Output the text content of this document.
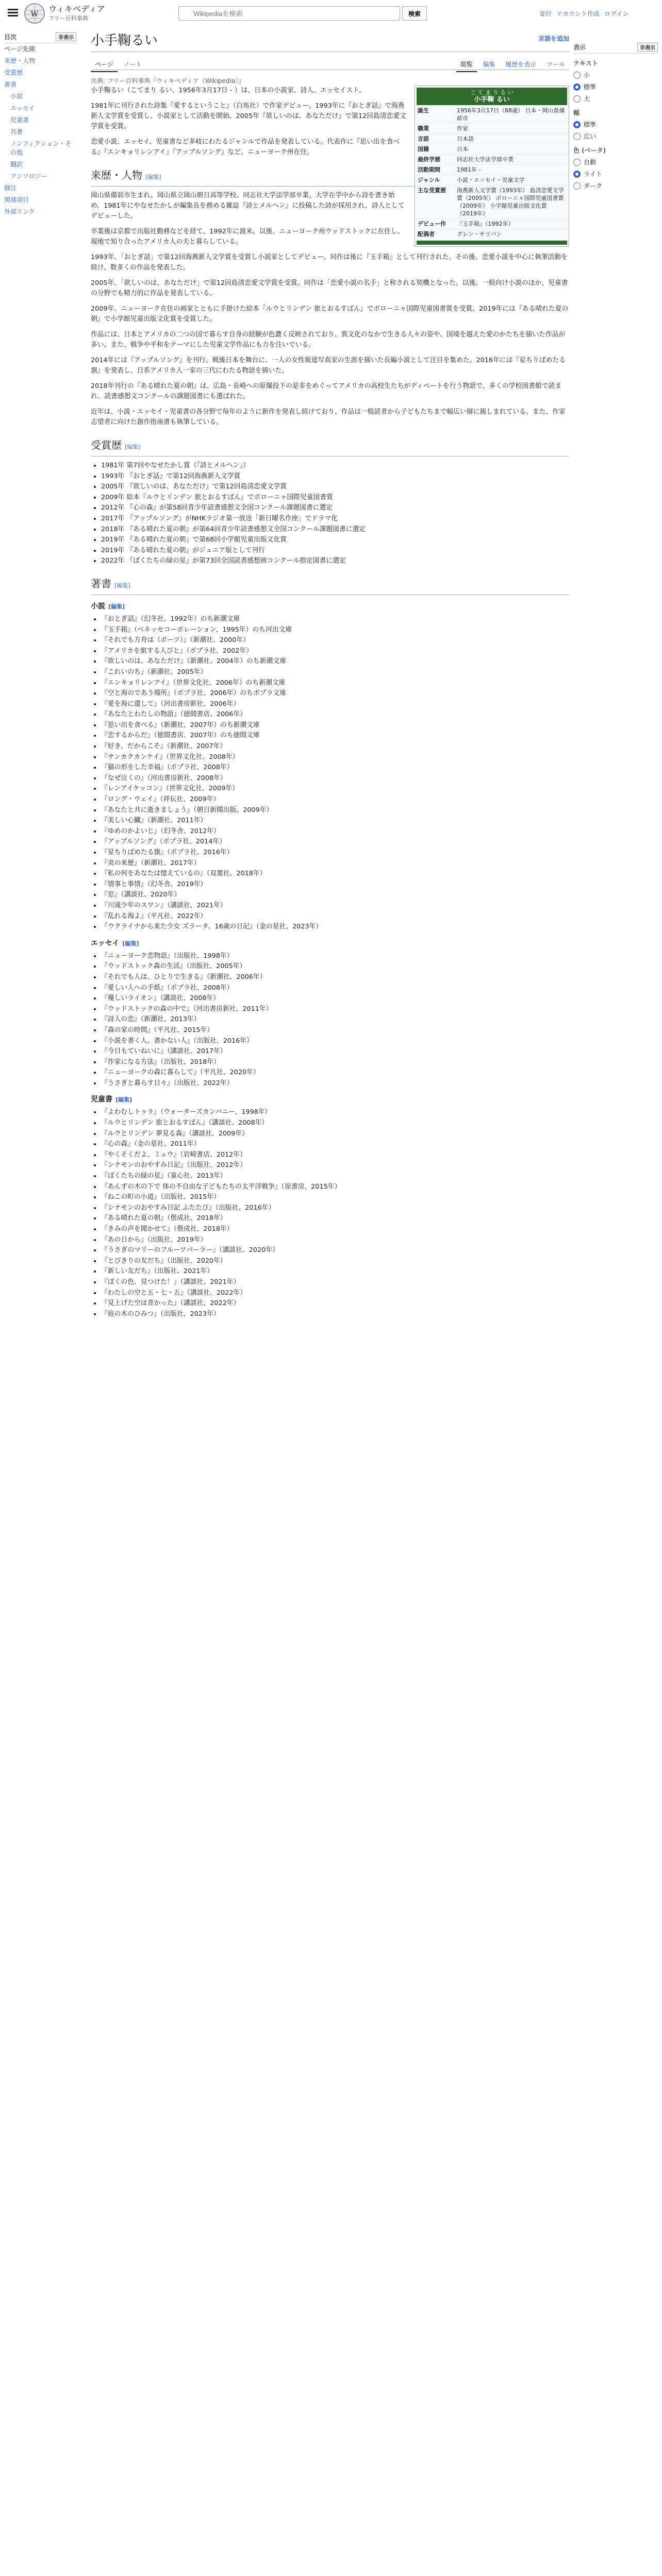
W
ウィキペディア
フリー百科事典
Wikipediaを検索
検索	寄付 アカウント作成 ログイン
目次	非表示
ページ先頭
来歴・人物
受賞歴
著書
小説
エッセイ
児童書
共著
ノンフィクション・その他
翻訳
アンソロジー
脚注
関連項目
外部リンク
小手鞠るい	言語を追加
ページ ノート	閲覧 編集 履歴を表示 ツール
出典: フリー百科事典『ウィキペディア（Wikipedia）』
こ て ま り る い
小手鞠 るい
誕生	1956年3月17日（68歳） 日本・岡山県備前市
職業	作家
言語	日本語
国籍	日本
最終学歴	同志社大学法学部卒業
活動期間	1981年 -
ジャンル	小説・エッセイ・児童文学
主な受賞歴	海燕新人文学賞（1993年） 島清恋愛文学賞（2005年） ボローニャ国際児童図書賞（2009年） 小学館児童出版文化賞（2019年）
デビュー作	『玉手箱』（1992年）
配偶者	グレン・サリバン

小手鞠るい（こてまり るい、1956年3月17日 - ）は、日本の小説家、詩人、エッセイスト。

1981年に刊行された詩集『愛するということ』（白馬社）で作家デビュー。1993年に『おとぎ話』で海燕新人文学賞を受賞し、小説家として活動を開始。2005年『欲しいのは、あなただけ』で第12回島清恋愛文学賞を受賞。

恋愛小説、エッセイ、児童書など多岐にわたるジャンルで作品を発表している。代表作に『思い出を食べる』『エンキョリレンアイ』『アップルソング』など。ニューヨーク州在住。

来歴・人物 [編集]

岡山県備前市生まれ。岡山県立岡山朝日高等学校、同志社大学法学部卒業。大学在学中から詩を書き始め、1981年にやなせたかしが編集長を務める雑誌『詩とメルヘン』に投稿した詩が採用され、詩人としてデビューした。

卒業後は京都で出版社勤務などを経て、1992年に渡米。以後、ニューヨーク州ウッドストックに在住し、現地で知り合ったアメリカ人の夫と暮らしている。

1993年、「おとぎ話」で第12回海燕新人文学賞を受賞し小説家としてデビュー。同作は後に『玉手箱』として刊行された。その後、恋愛小説を中心に執筆活動を続け、数多くの作品を発表した。

2005年、「欲しいのは、あなただけ」で第12回島清恋愛文学賞を受賞。同作は「恋愛小説の名手」と称される契機となった。以後、一般向け小説のほか、児童書の分野でも精力的に作品を発表している。

2009年、ニューヨーク在住の画家とともに手掛けた絵本『ルウとリンデン 旅とおるすばん』でボローニャ国際児童図書賞を受賞。2019年には『ある晴れた夏の朝』で小学館児童出版文化賞を受賞した。

作品には、日本とアメリカの二つの国で暮らす自身の経験が色濃く反映されており、異文化のなかで生きる人々の姿や、国境を越えた愛のかたちを描いた作品が多い。また、戦争や平和をテーマにした児童文学作品にも力を注いでいる。

2014年には『アップルソング』を刊行。戦後日本を舞台に、一人の女性報道写真家の生涯を描いた長編小説として注目を集めた。2016年には『星ちりばめたる旗』を発表し、日系アメリカ人一家の三代にわたる物語を描いた。

2018年刊行の『ある晴れた夏の朝』は、広島・長崎への原爆投下の是非をめぐってアメリカの高校生たちがディベートを行う物語で、多くの学校図書館で読まれ、読書感想文コンクールの課題図書にも選ばれた。

近年は、小説・エッセイ・児童書の各分野で毎年のように新作を発表し続けており、作品は一般読者から子どもたちまで幅広い層に親しまれている。また、作家志望者に向けた創作指南書も執筆している。

受賞歴 [編集]
• 1981年 第7回やなせたかし賞（『詩とメルヘン』）
• 1993年 『おとぎ話』で第12回海燕新人文学賞
• 2005年 『欲しいのは、あなただけ』で第12回島清恋愛文学賞
• 2009年 絵本『ルウとリンデン 旅とおるすばん』でボローニャ国際児童図書賞
• 2012年 『心の森』が第58回青少年読書感想文全国コンクール課題図書に選定
• 2017年 『アップルソング』がNHKラジオ第一放送「新日曜名作座」でドラマ化
• 2018年 『ある晴れた夏の朝』が第64回青少年読書感想文全国コンクール課題図書に選定
• 2019年 『ある晴れた夏の朝』で第68回小学館児童出版文化賞
• 2019年 『ある晴れた夏の朝』がジュニア版として刊行
• 2022年 『ぼくたちの緑の星』が第73回全国読書感想画コンクール指定図書に選定
著書 [編集]
小説 [編集]
• 『おとぎ話』（幻冬社、1992年）のち新潮文庫
• 『玉手箱』（ベネッセコーポレーション、1995年）のち河出文庫
• 『それでも方舟は（ボーツ）』（新潮社、2000年）
• 『アメリカを旅する人びと』（ポプラ社、2002年）
• 『欲しいのは、あなただけ』（新潮社、2004年）のち新潮文庫
• 『これいのち』（新潮社、2005年）
• 『エンキョリレンアイ』（世界文化社、2006年）のち新潮文庫
• 『空と海のであう場所』（ポプラ社、2006年）のちポプラ文庫
• 『愛を海に還して』（河出書房新社、2006年）
• 『あなたとわたしの物語』（徳間書店、2006年）
• 『思い出を食べる』（新潮社、2007年）のち新潮文庫
• 『恋するからだ』（徳間書店、2007年）のち徳間文庫
• 『好き、だからこそ』（新潮社、2007年）
• 『サンカクカンケイ』（世界文化社、2008年）
• 『猫の形をした幸福』（ポプラ社、2008年）
• 『なぜ泣くの』（河出書房新社、2008年）
• 『レンアイケッコン』（世界文化社、2009年）
• 『ロング・ウェイ』（祥伝社、2009年）
• 『あなたと共に逝きましょう』（朝日新聞出版、2009年）
• 『美しい心臓』（新潮社、2011年）
• 『ゆめのかよいじ』（幻冬舎、2012年）
• 『アップルソング』（ポプラ社、2014年）
• 『星ちりばめたる旗』（ポプラ社、2016年）
• 『炎の来歴』（新潮社、2017年）
• 『私の何をあなたは憶えているの』（双葉社、2018年）
• 『情事と事情』（幻冬舎、2019年）
• 『窓』（講談社、2020年）
• 『川滝少年のスワン』（講談社、2021年）
• 『乱れる海よ』（平凡社、2022年）
• 『ウクライナから来た少女 ズラータ、16歳の日記』（金の星社、2023年）
エッセイ [編集]
• 『ニューヨーク恋物語』（出版社、1998年）
• 『ウッドストック森の生活』（出版社、2005年）
• 『それでも人は、ひとりで生きる』（新潮社、2006年）
• 『愛しい人への手紙』（ポプラ社、2008年）
• 『優しいライオン』（講談社、2008年）
• 『ウッドストックの森の中で』（河出書房新社、2011年）
• 『詩人の恋』（新潮社、2013年）
• 『森の家の時間』（平凡社、2015年）
• 『小説を書く人、書かない人』（出版社、2016年）
• 『今日もていねいに』（講談社、2017年）
• 『作家になる方法』（出版社、2018年）
• 『ニューヨークの森に暮らして』（平凡社、2020年）
• 『うさぎと暮らす日々』（出版社、2022年）
児童書 [編集]
• 『よわむしトゥラ』（ウォーターズカンパニー、1998年）
• 『ルウとリンデン 旅とおるすばん』（講談社、2008年）
• 『ルウとリンデン 夢見る森』（講談社、2009年）
• 『心の森』（金の星社、2011年）
• 『やくそくだよ、ミュウ』（岩崎書店、2012年）
• 『シナモンのおやすみ日記』（出版社、2012年）
• 『ぼくたちの緑の星』（童心社、2013年）
• 『あんずの木の下で 体の不自由な子どもたちの太平洋戦争』（原書房、2015年）
• 『ねこの町の小道』（出版社、2015年）
• 『シナモンのおやすみ日記 ふたたび』（出版社、2016年）
• 『ある晴れた夏の朝』（偕成社、2018年）
• 『きみの声を聞かせて』（偕成社、2018年）
• 『あの日から』（出版社、2019年）
• 『うさぎのマリーのフルーツパーラー』（講談社、2020年）
• 『とびきりの友だち』（出版社、2020年）
• 『新しい友だち』（出版社、2021年）
• 『ぼくの色、見つけた！』（講談社、2021年）
• 『わたしの空と五・七・五』（講談社、2022年）
• 『見上げた空は青かった』（講談社、2022年）
• 『庭の木のひみつ』（出版社、2023年）
表示	非表示
テキスト
小
標準
大
幅
標準
広い
色 (ベータ)
自動
ライト
ダーク
